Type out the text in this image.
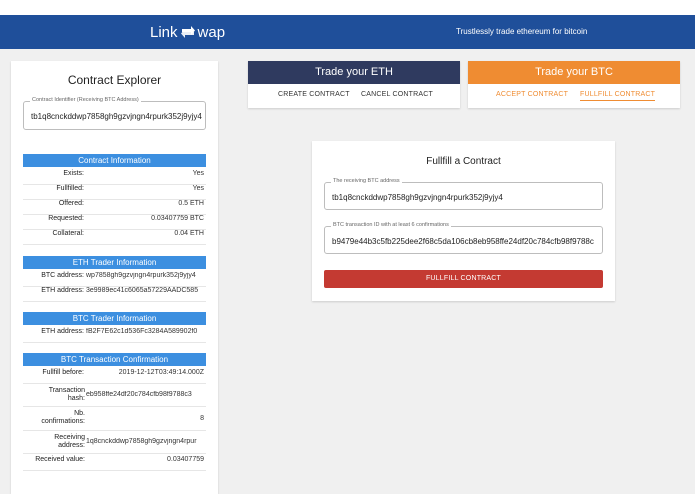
Link wap	Trustlessly trade ethereum for bitcoin
Contract Explorer
Contract Identifier (Receiving BTC Address)
tb1q8cnckddwp7858gh9gzvjngn4rpurk352j9yjy4
Contract Information
Exists:	Yes
Fullfilled:	Yes
Offered:	0.5 ETH
Requested:	0.03407759 BTC
Collateral:	0.04 ETH
ETH Trader Information
BTC address: wp7858gh9gzvjngn4rpurk352j9yjy4
ETH address: 3e9989ec41c6065a57229AADC585
BTC Trader Information
ETH address: fB2F7E62c1d536Fc3284A589902f0
BTC Transaction Confirmation
Fullfill before:	2019-12-12T03:49:14.000Z
Transaction
hash:
eb958ffe24df20c784cfb98f9788c3
Nb.
confirmations:	8
Receiving
address:
1q8cnckddwp7858gh9gzvjngn4rpur
Received value:	0.03407759
Trade your ETH
CREATE CONTRACT CANCEL CONTRACT
Trade your BTC
ACCEPT CONTRACT FULLFILL CONTRACT
Fullfill a Contract
The receiving BTC address
tb1q8cnckddwp7858gh9gzvjngn4rpurk352j9yjy4
BTC transaction ID with at least 6 confirmations
b9479e44b3c5fb225dee2f68c5da106cb8eb958ffe24df20c784cfb98f9788c
FULLFILL CONTRACT
